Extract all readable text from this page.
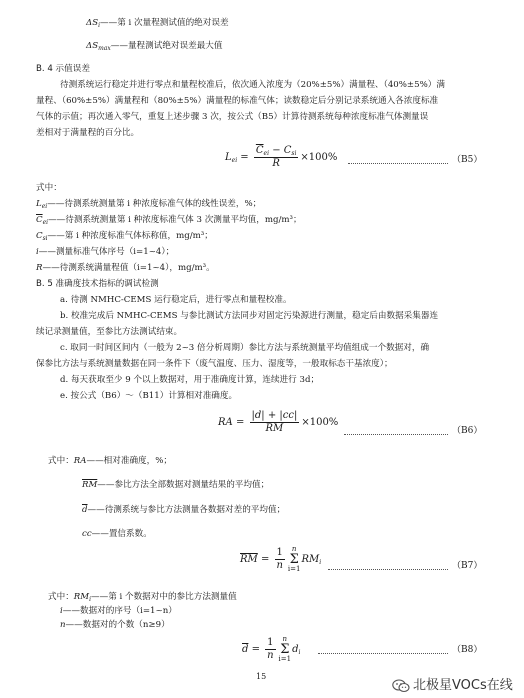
$\Delta S_i——$第 i 次量程测试值的绝对误差
$\Delta S_{max}——$量程测试绝对误差最大值
B. 4 示值误差
待测系统运行稳定并进行零点和量程校准后，依次通入浓度为（20%±5%）满量程、（40%±5%）满
量程、（60%±5%）满量程和（80%±5%）满量程的标准气体；读数稳定后分别记录系统通入各浓度标准
气体的示值；再次通入零气，重复上述步骤 3 次，按公式（B5）计算待测系统每种浓度标准气体测量误
差相对于满量程的百分比。
$L_{ei} = \frac{\overline{C}_{ei} - C_{si}}{R} \times 100\%$	（B5）
式中：
$L_{ei}——$待测系统测量第 i 种浓度标准气体的线性误差，%；
$\overline{C}_{ei}——$待测系统测量第 i 种浓度标准气体 3 次测量平均值，mg/m³；
$C_{si}——$第 i 种浓度标准气体标称值，mg/m³；
i——测量标准气体序号（i=1~4）；
R——待测系统满量程值（i=1~4），mg/m³。
B. 5 准确度技术指标的调试检测
a. 待测 NMHC-CEMS 运行稳定后，进行零点和量程校准。
b. 校准完成后 NMHC-CEMS 与参比测试方法同步对固定污染源进行测量，稳定后由数据采集器连
续记录测量值，至参比方法测试结束。
c. 取同一时间区间内（一般为 2~3 倍分析周期）参比方法与系统测量平均值组成一个数据对，确
保参比方法与系统测量数据在同一条件下（废气温度、压力、湿度等，一般取标态干基浓度）；
d. 每天获取至少 9 个以上数据对，用于准确度计算，连续进行 3d；
e. 按公式（B6）～（B11）计算相对准确度。
RA = $\frac{|d| + |cc|}{RM} \times 100\%$
（B6）
式中：RA——相对准确度，%；
$\overline{RM}——$参比方法全部数据对测量结果的平均值；
$\overline{d}——$待测系统与参比方法测量各数据对差的平均值；
cc——置信系数。
$\overline{RM} = \frac{1}{n}$ n
Σ
i=1
$RM_i$	（B7）
式中：$RM_i——$第 i 个数据对中的参比方法测量值
i——数据对的序号（i=1~n）
n——数据对的个数（n≥9）
$\overline{d} = \frac{1}{n}$ n
Σ
i=1
$d_i$	（B8）
15
北极星VOCs在线
